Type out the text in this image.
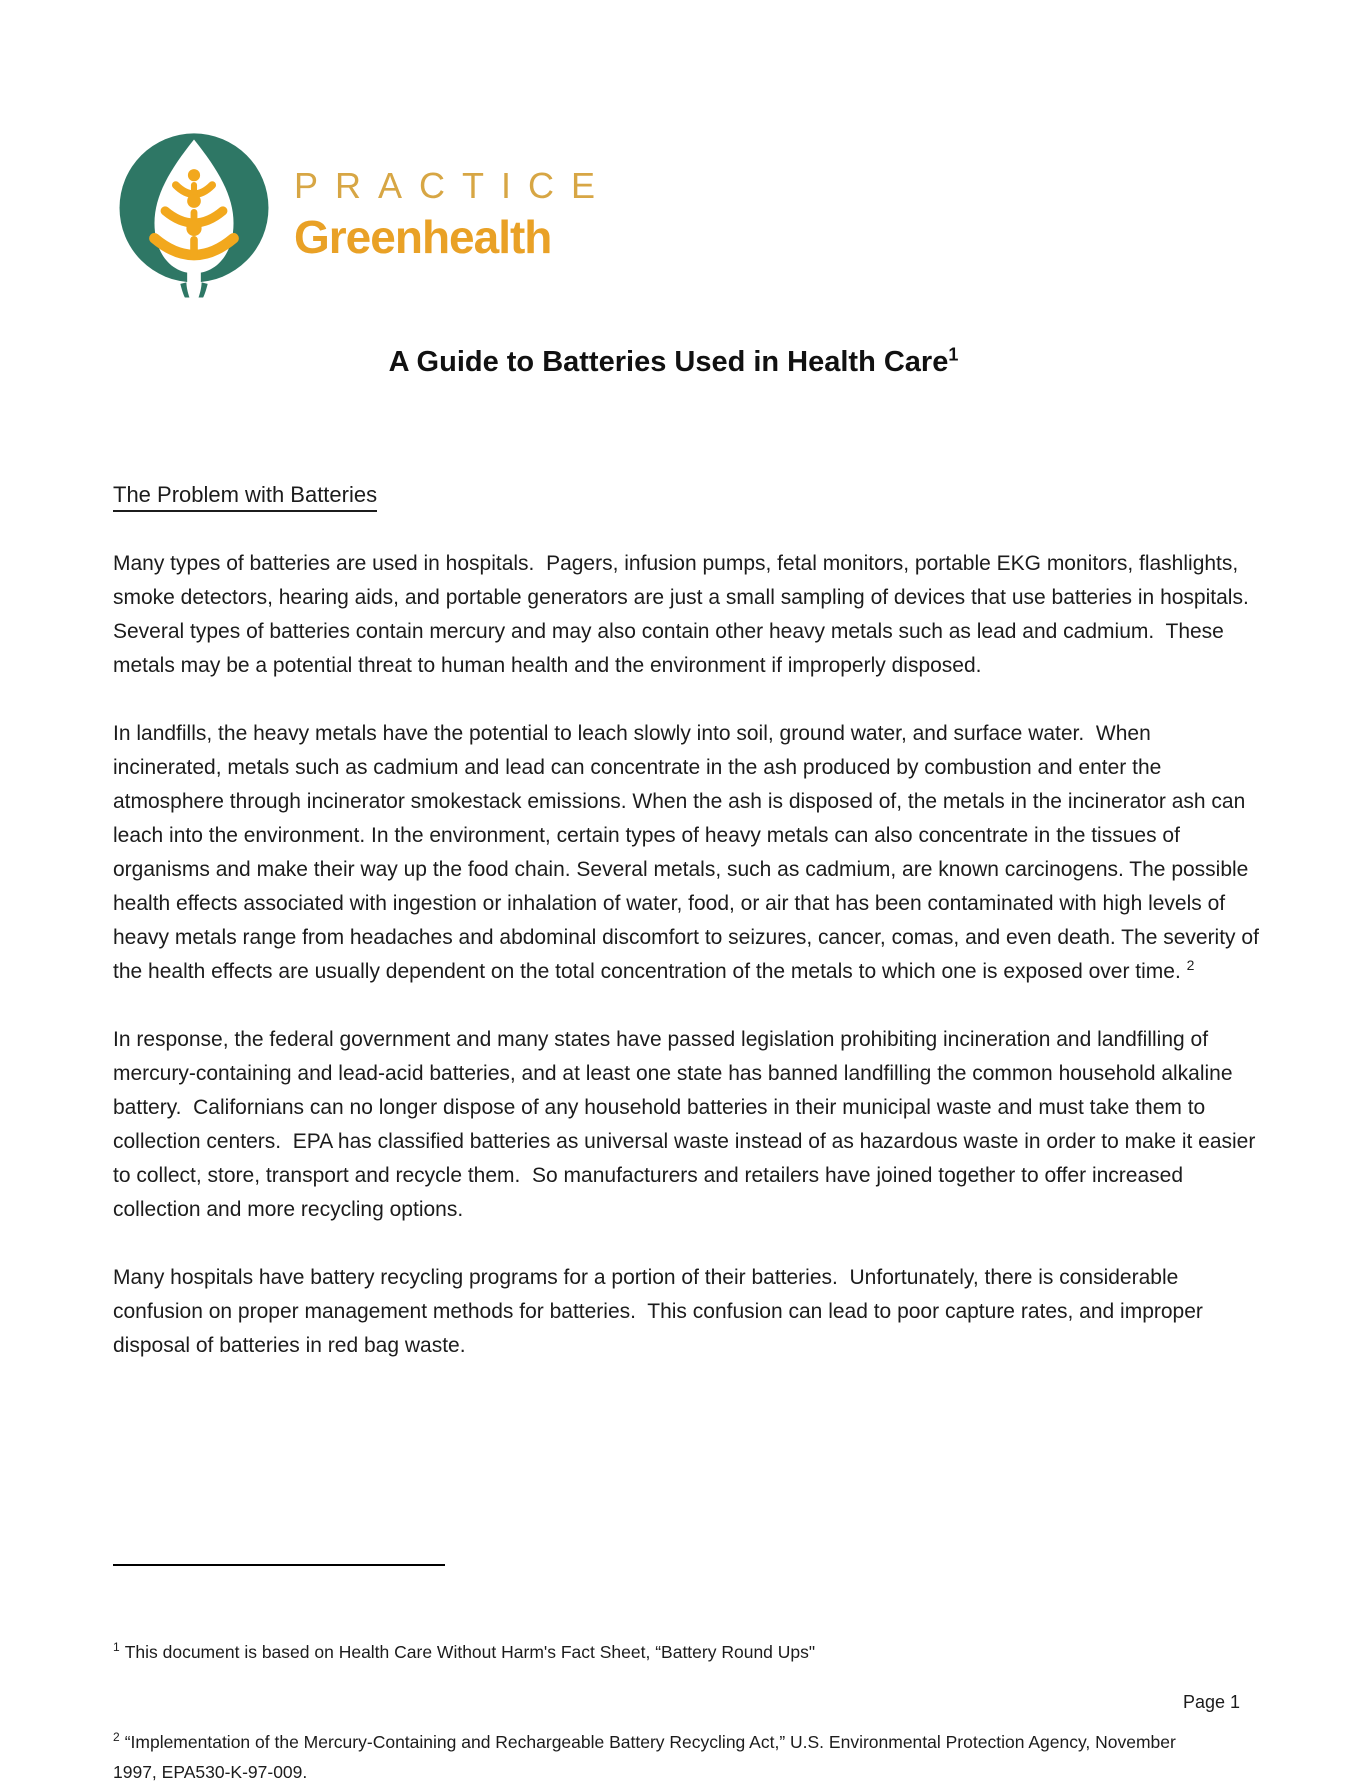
PRACTICE
Greenhealth
A Guide to Batteries Used in Health Care$^1$
The Problem with Batteries

Many types of batteries are used in hospitals.  Pagers, infusion pumps, fetal monitors, portable EKG monitors, flashlights, smoke detectors, hearing aids, and portable generators are just a small sampling of devices that use batteries in hospitals.  Several types of batteries contain mercury and may also contain other heavy metals such as lead and cadmium.  These metals may be a potential threat to human health and the environment if improperly disposed.

In landfills, the heavy metals have the potential to leach slowly into soil, ground water, and surface water.  When incinerated, metals such as cadmium and lead can concentrate in the ash produced by combustion and enter the atmosphere through incinerator smokestack emissions. When the ash is disposed of, the metals in the incinerator ash can leach into the environment. In the environment, certain types of heavy metals can also concentrate in the tissues of organisms and make their way up the food chain. Several metals, such as cadmium, are known carcinogens. The possible health effects associated with ingestion or inhalation of water, food, or air that has been contaminated with high levels of heavy metals range from headaches and abdominal discomfort to seizures, cancer, comas, and even death. The severity of the health effects are usually dependent on the total concentration of the metals to which one is exposed over time. $^2$

In response, the federal government and many states have passed legislation prohibiting incineration and landfilling of mercury-containing and lead-acid batteries, and at least one state has banned landfilling the common household alkaline battery.  Californians can no longer dispose of any household batteries in their municipal waste and must take them to collection centers.  EPA has classified batteries as universal waste instead of as hazardous waste in order to make it easier to collect, store, transport and recycle them.  So manufacturers and retailers have joined together to offer increased collection and more recycling options.

Many hospitals have battery recycling programs for a portion of their batteries.  Unfortunately, there is considerable confusion on proper management methods for batteries.  This confusion can lead to poor capture rates, and improper disposal of batteries in red bag waste.

$^1$ This document is based on Health Care Without Harm's Fact Sheet, “Battery Round Ups"

$^2$ “Implementation of the Mercury-Containing and Rechargeable Battery Recycling Act,” U.S. Environmental Protection Agency, November 1997, EPA530-K-97-009.

Page 1
